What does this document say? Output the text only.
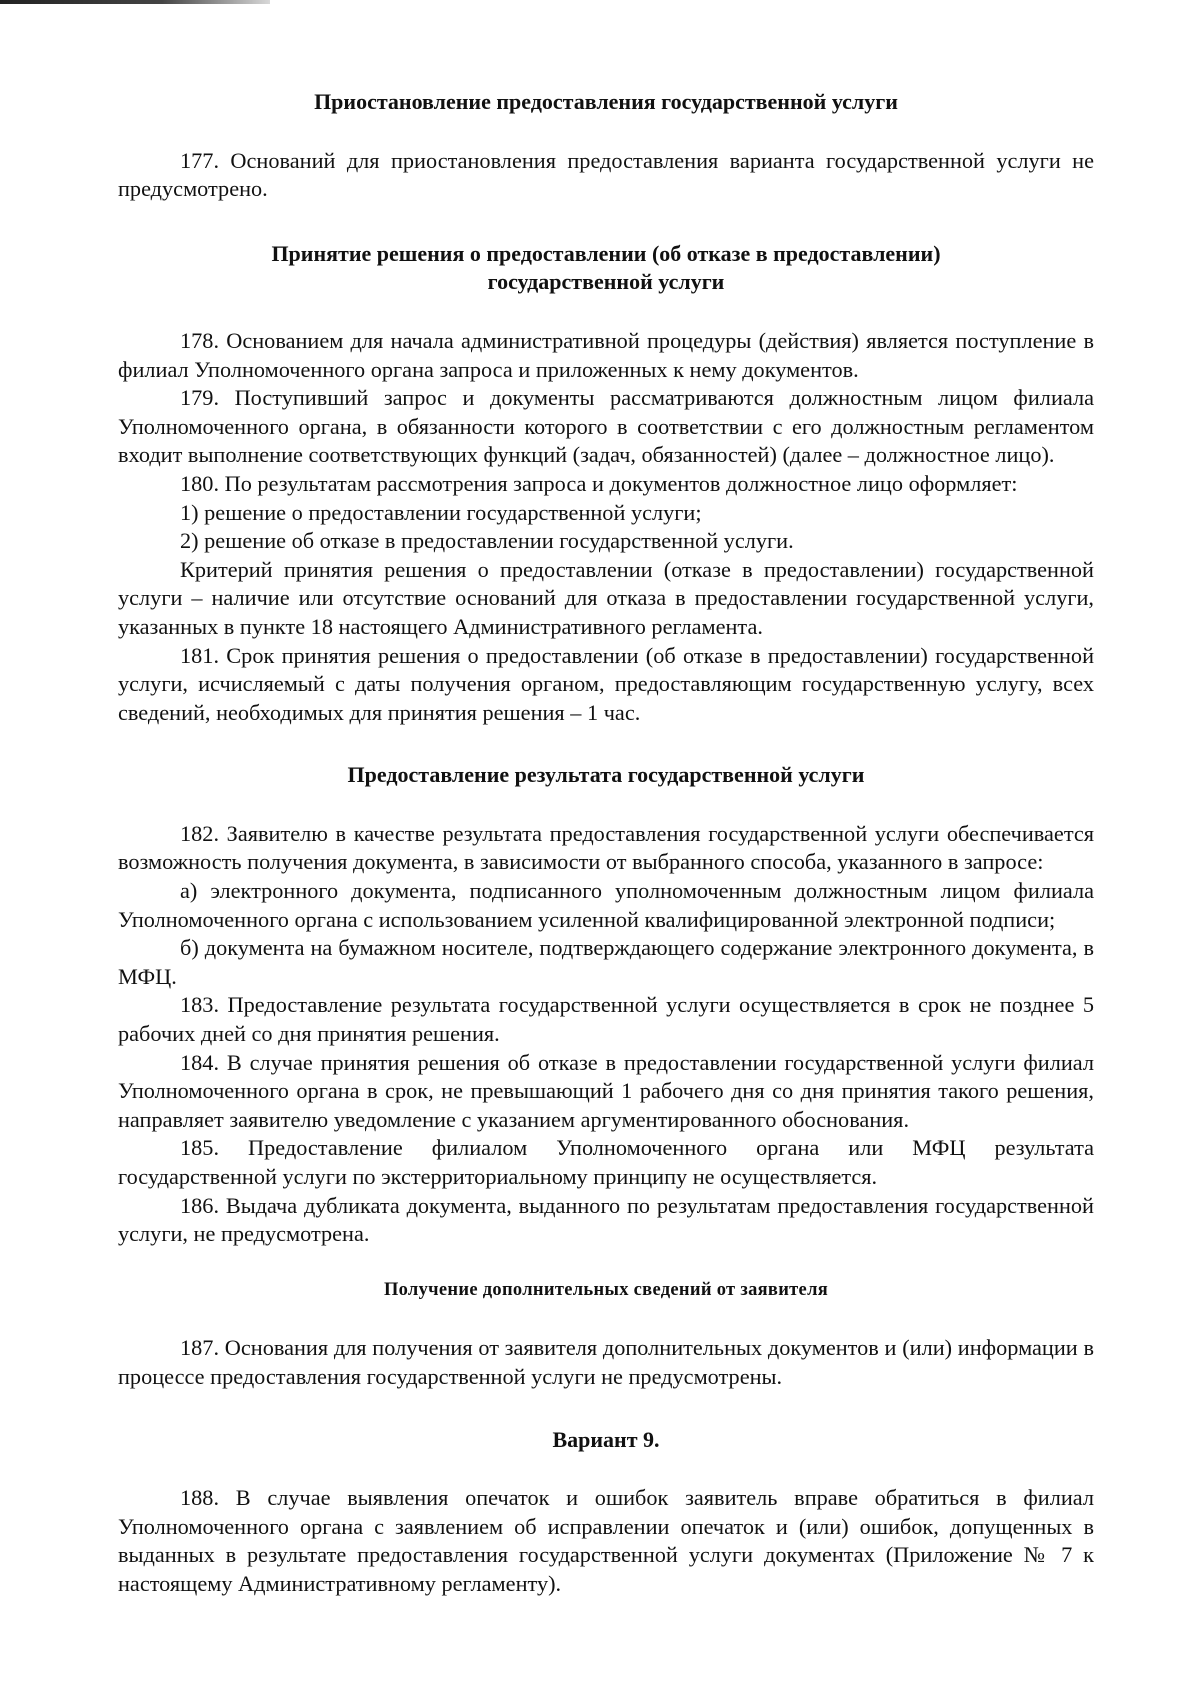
Приостановление предоставления государственной услуги

177. Оснований для приостановления предоставления варианта государственной услуги не предусмотрено.

Принятие решения о предоставлении (об отказе в предоставлении)

государственной услуги

178. Основанием для начала административной процедуры (действия) является поступление в филиал Уполномоченного органа запроса и приложенных к нему документов.

179. Поступивший запрос и документы рассматриваются должностным лицом филиала Уполномоченного органа, в обязанности которого в соответствии с его должностным регламентом входит выполнение соответствующих функций (задач, обязанностей) (далее – должностное лицо).

180. По результатам рассмотрения запроса и документов должностное лицо оформляет:

1) решение о предоставлении государственной услуги;

2) решение об отказе в предоставлении государственной услуги.

Критерий принятия решения о предоставлении (отказе в предоставлении) государственной услуги – наличие или отсутствие оснований для отказа в предоставлении государственной услуги, указанных в пункте 18 настоящего Административного регламента.

181. Срок принятия решения о предоставлении (об отказе в предоставлении) государственной услуги, исчисляемый с даты получения органом, предоставляющим государственную услугу, всех сведений, необходимых для принятия решения – 1 час.

Предоставление результата государственной услуги

182. Заявителю в качестве результата предоставления государственной услуги обеспечивается возможность получения документа, в зависимости от выбранного способа, указанного в запросе:

а) электронного документа, подписанного уполномоченным должностным лицом филиала Уполномоченного органа с использованием усиленной квалифицированной электронной подписи;

б) документа на бумажном носителе, подтверждающего содержание электронного документа, в МФЦ.

183. Предоставление результата государственной услуги осуществляется в срок не позднее 5 рабочих дней со дня принятия решения.

184. В случае принятия решения об отказе в предоставлении государственной услуги филиал Уполномоченного органа в срок, не превышающий 1 рабочего дня со дня принятия такого решения, направляет заявителю уведомление с указанием аргументированного обоснования.

185. Предоставление филиалом Уполномоченного органа или МФЦ результата государственной услуги по экстерриториальному принципу не осуществляется.

186. Выдача дубликата документа, выданного по результатам предоставления государственной услуги, не предусмотрена.

Получение дополнительных сведений от заявителя

187. Основания для получения от заявителя дополнительных документов и (или) информации в процессе предоставления государственной услуги не предусмотрены.

Вариант 9.

188. В случае выявления опечаток и ошибок заявитель вправе обратиться в филиал Уполномоченного органа с заявлением об исправлении опечаток и (или) ошибок, допущенных в выданных в результате предоставления государственной услуги документах (Приложение № 7 к настоящему Административному регламенту).
